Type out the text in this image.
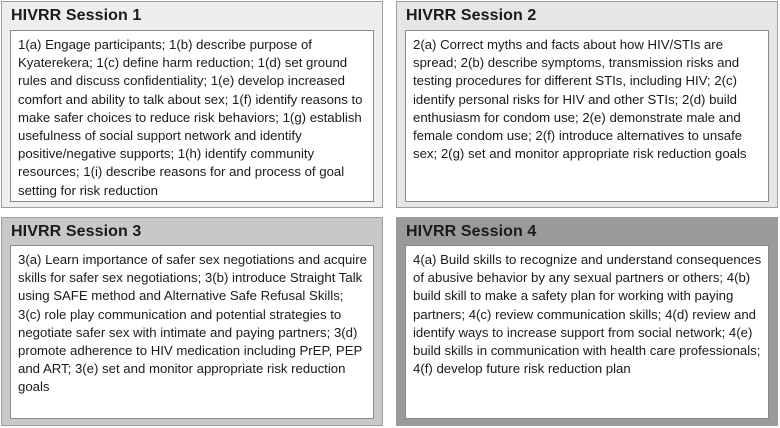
HIVRR Session 1
1(a) Engage participants; 1(b) describe purpose of Kyaterekera; 1(c) define harm reduction; 1(d) set ground rules and discuss confidentiality; 1(e) develop increased comfort and ability to talk about sex; 1(f) identify reasons to make safer choices to reduce risk behaviors; 1(g) establish usefulness of social support network and identify positive/negative supports; 1(h) identify community resources; 1(i) describe reasons for and process of goal setting for risk reduction
HIVRR Session 2
2(a) Correct myths and facts about how HIV/STIs are spread; 2(b) describe symptoms, transmission risks and testing procedures for different STIs, including HIV; 2(c) identify personal risks for HIV and other STIs; 2(d) build enthusiasm for condom use; 2(e) demonstrate male and female condom use; 2(f) introduce alternatives to unsafe sex; 2(g) set and monitor appropriate risk reduction goals
HIVRR Session 3
3(a) Learn importance of safer sex negotiations and acquire skills for safer sex negotiations; 3(b) introduce Straight Talk using SAFE method and Alternative Safe Refusal Skills; 3(c) role play communication and potential strategies to negotiate safer sex with intimate and paying partners; 3(d) promote adherence to HIV medication including PrEP, PEP and ART; 3(e) set and monitor appropriate risk reduction goals
HIVRR Session 4
4(a) Build skills to recognize and understand consequences of abusive behavior by any sexual partners or others; 4(b) build skill to make a safety plan for working with paying partners; 4(c) review communication skills; 4(d) review and identify ways to increase support from social network; 4(e) build skills in communication with health care professionals; 4(f) develop future risk reduction plan
